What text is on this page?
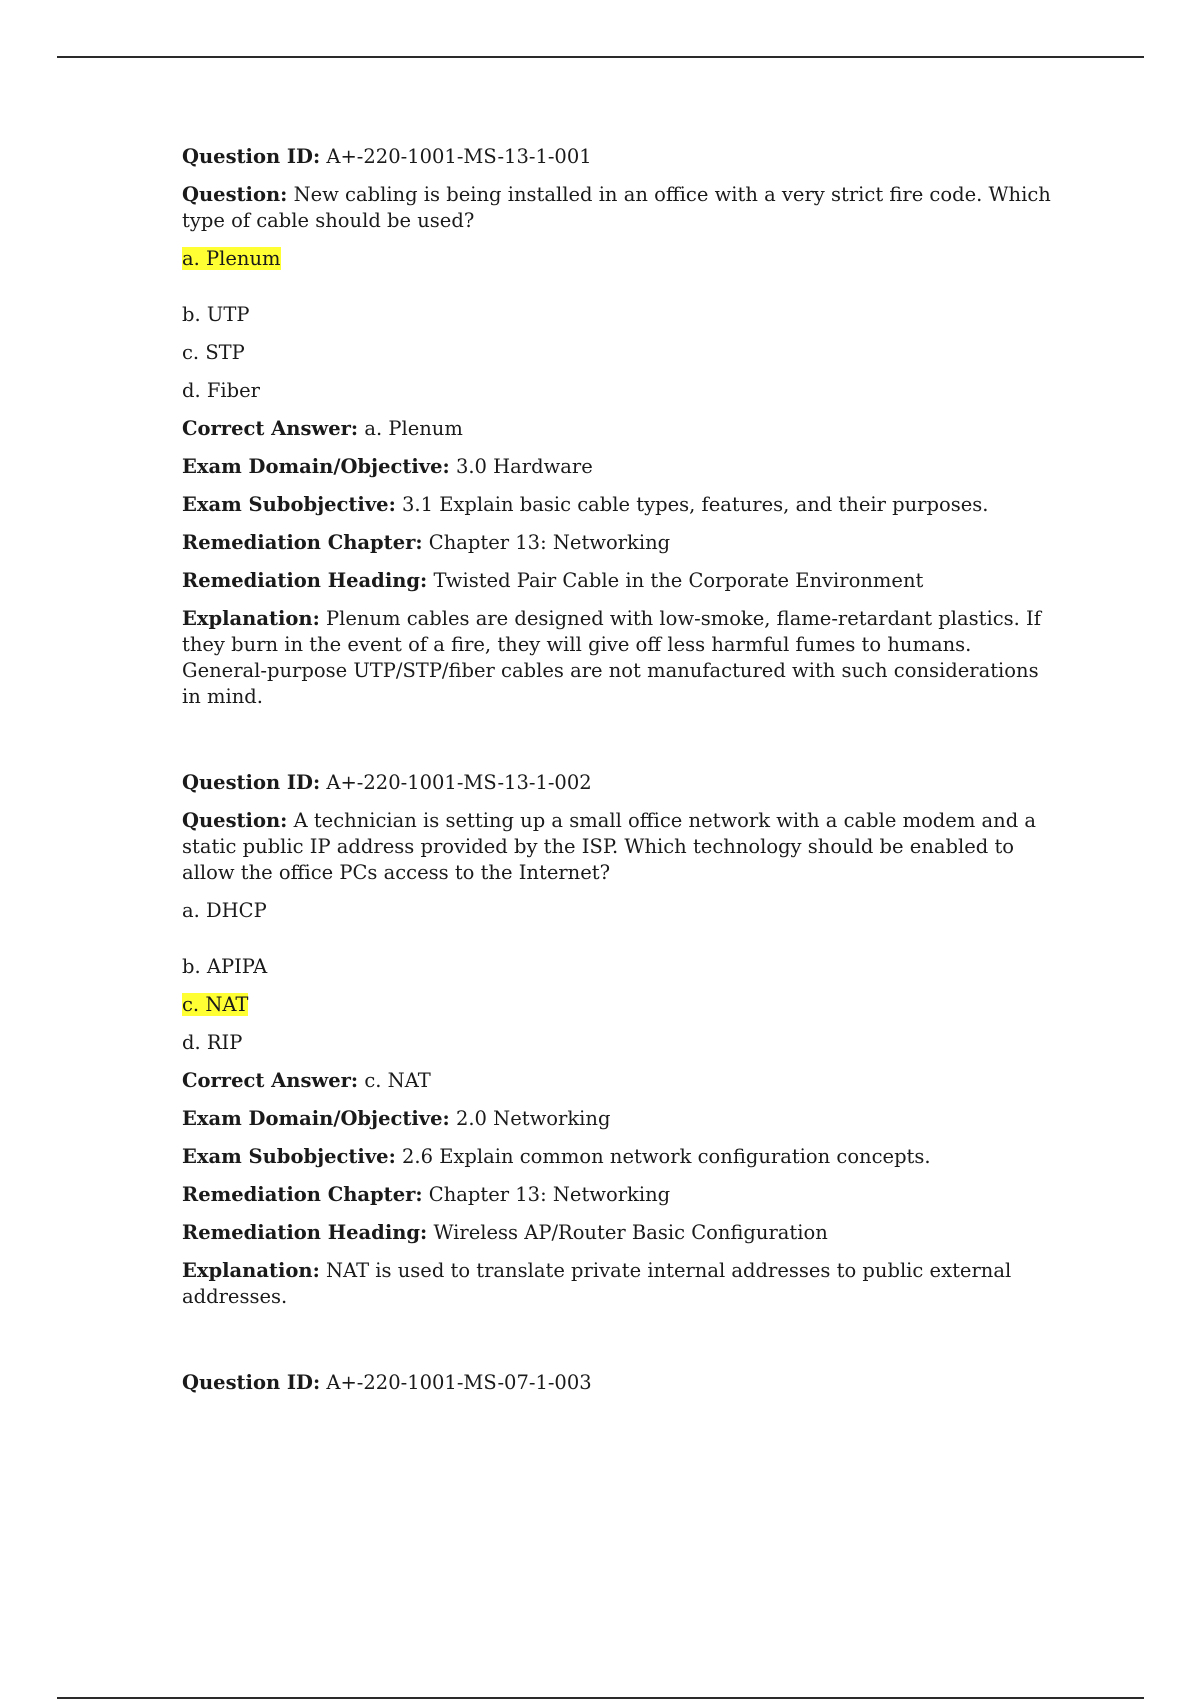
Question ID: A+-220-1001-MS-13-1-001

Question: New cabling is being installed in an office with a very strict fire code. Which type of cable should be used?

a. Plenum

b. UTP

c. STP

d. Fiber

Correct Answer: a. Plenum

Exam Domain/Objective: 3.0 Hardware

Exam Subobjective: 3.1 Explain basic cable types, features, and their purposes.

Remediation Chapter: Chapter 13: Networking

Remediation Heading: Twisted Pair Cable in the Corporate Environment

Explanation: Plenum cables are designed with low-smoke, flame-retardant plastics. If they burn in the event of a fire, they will give off less harmful fumes to humans. General-purpose UTP/STP/fiber cables are not manufactured with such considerations in mind.

Question ID: A+-220-1001-MS-13-1-002

Question: A technician is setting up a small office network with a cable modem and a static public IP address provided by the ISP. Which technology should be enabled to allow the office PCs access to the Internet?

a. DHCP

b. APIPA

c. NAT

d. RIP

Correct Answer: c. NAT

Exam Domain/Objective: 2.0 Networking

Exam Subobjective: 2.6 Explain common network configuration concepts.

Remediation Chapter: Chapter 13: Networking

Remediation Heading: Wireless AP/Router Basic Configuration

Explanation: NAT is used to translate private internal addresses to public external addresses.

Question ID: A+-220-1001-MS-07-1-003
